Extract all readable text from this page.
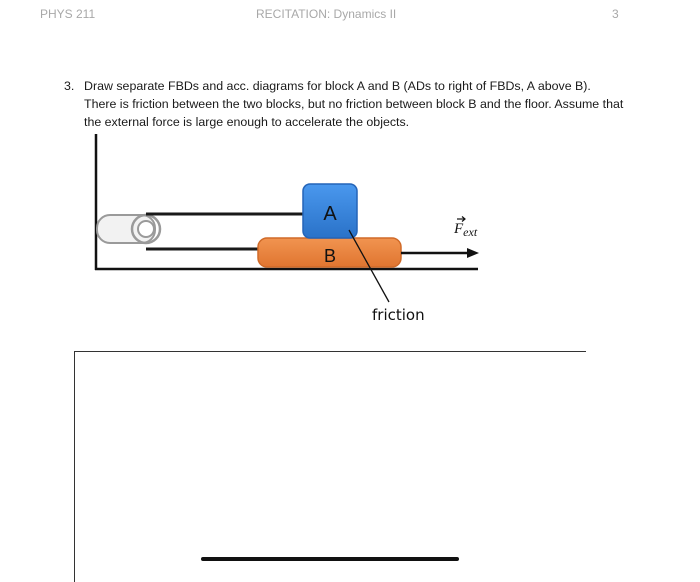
PHYS 211	RECITATION: Dynamics II	3
3. Draw separate FBDs and acc. diagrams for block A and B (ADs to right of FBDs, A above B). There is friction between the two blocks, but no friction between block B and the floor. Assume that the external force is large enough to accelerate the objects.
B
A
$F_{ext}$
friction
